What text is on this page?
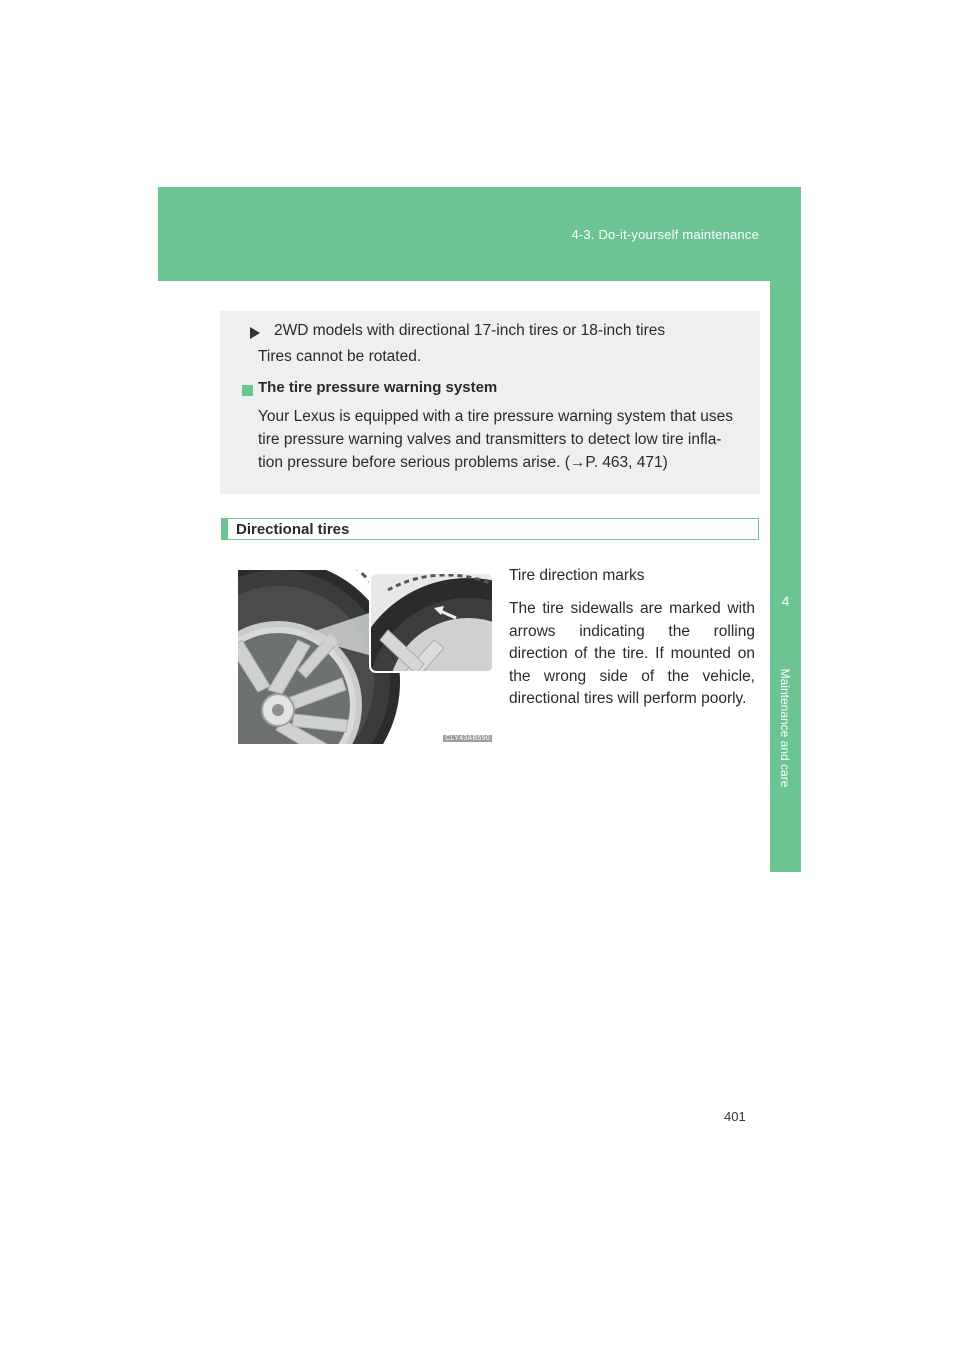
4-3. Do-it-yourself maintenance
4
Maintenance and care
2WD models with directional 17-inch tires or 18-inch tires
Tires cannot be rotated.
The tire pressure warning system
Your Lexus is equipped with a tire pressure warning system that uses
tire pressure warning valves and transmitters to detect low tire infla-
tion pressure before serious problems arise. (→P. 463, 471)
Directional tires
CLY43AB590
Tire direction marks
The tire sidewalls are marked with arrows indicating the rolling direction of the tire. If mounted on the wrong side of the vehicle, directional tires will perform poorly.
401
